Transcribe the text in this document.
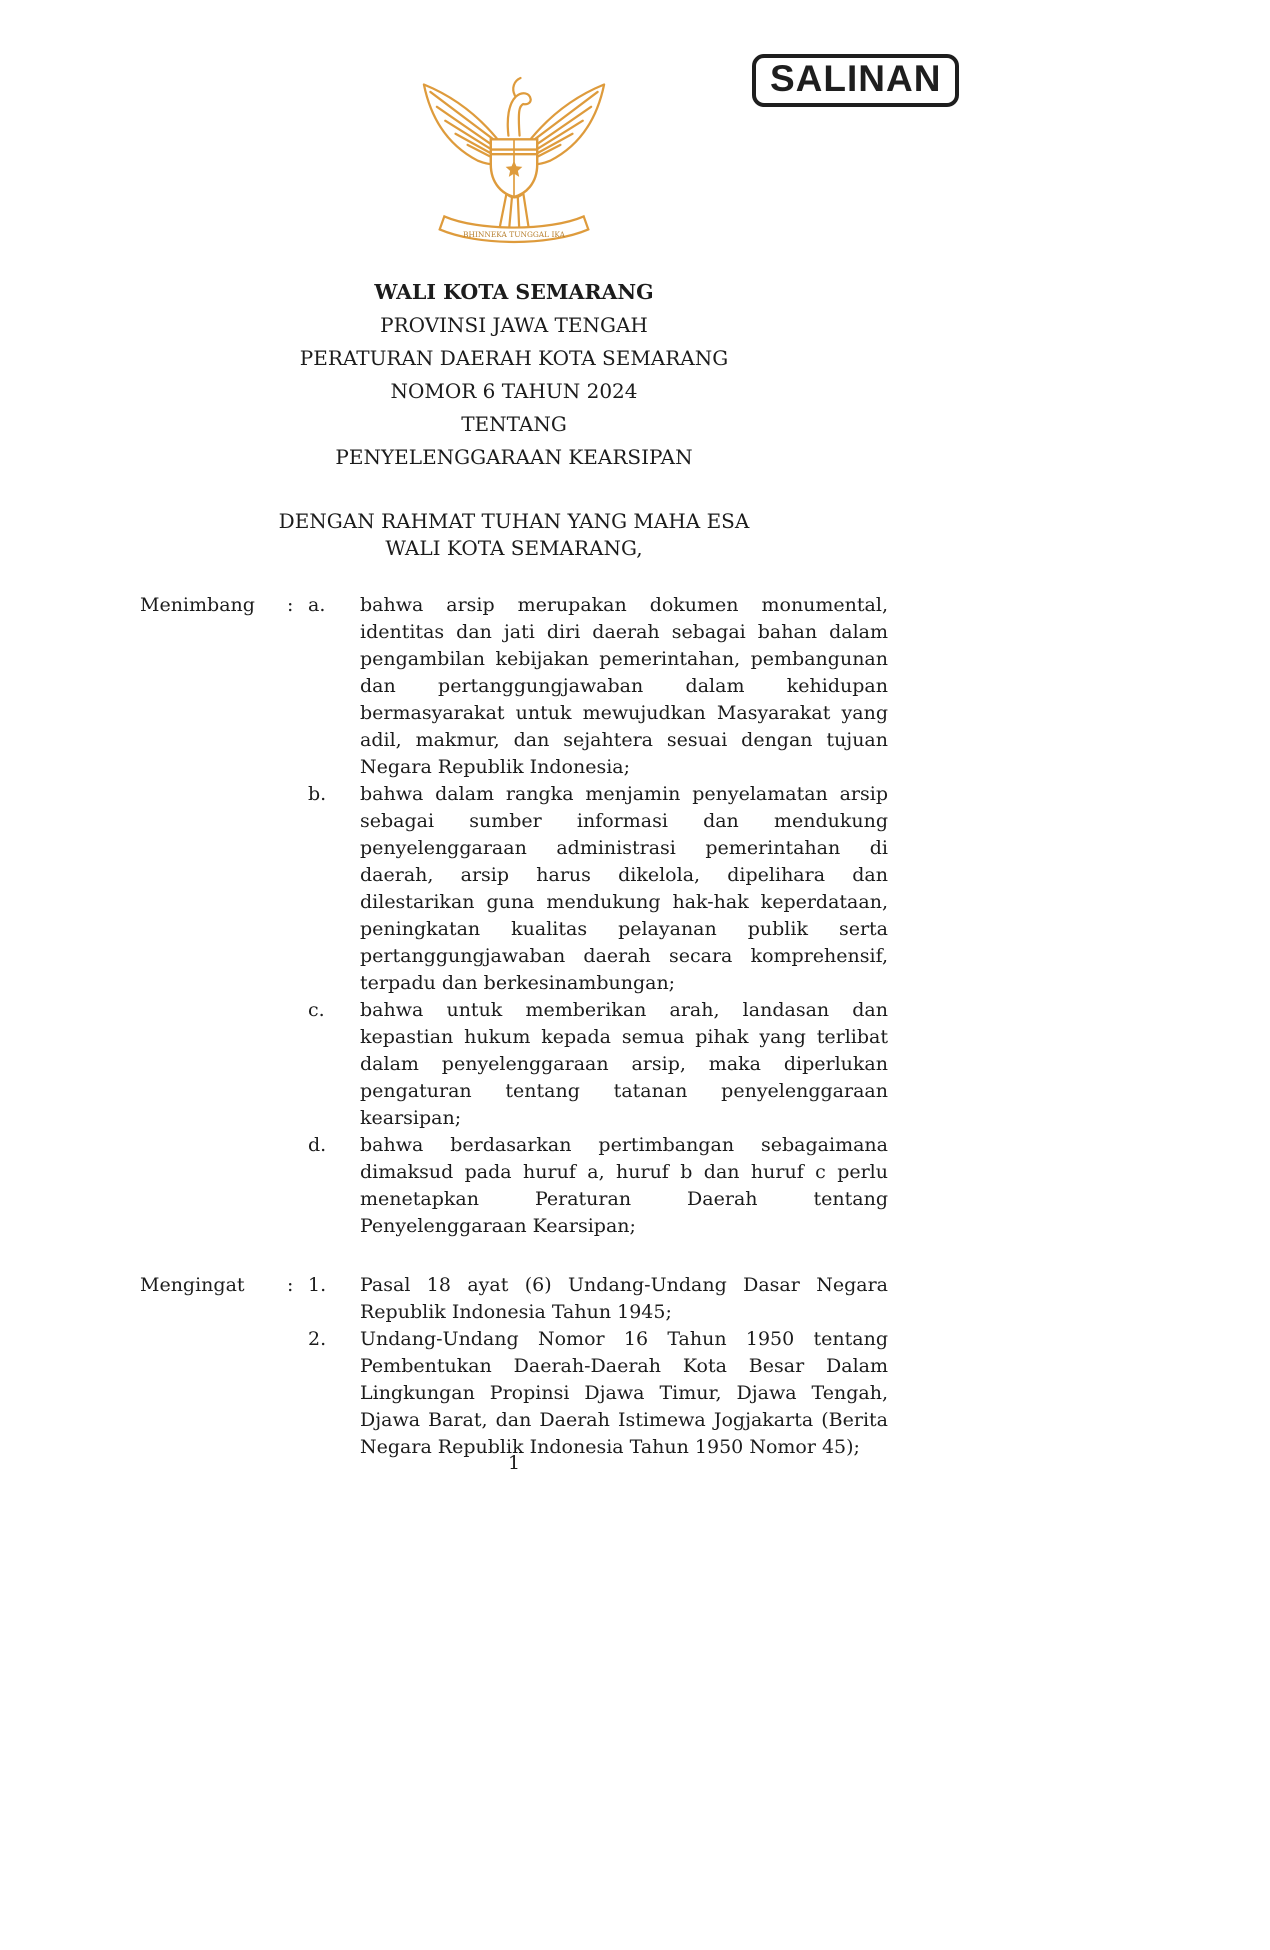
SALINAN
BHINNEKA TUNGGAL IKA
WALI KOTA SEMARANG
PROVINSI JAWA TENGAH
PERATURAN DAERAH KOTA SEMARANG
NOMOR 6 TAHUN 2024
TENTANG
PENYELENGGARAAN KEARSIPAN
DENGAN RAHMAT TUHAN YANG MAHA ESA
WALI KOTA SEMARANG,
Menimbang	: a.	bahwa arsip merupakan dokumen monumental, identitas dan jati diri daerah sebagai bahan dalam pengambilan kebijakan pemerintahan, pembangunan dan pertanggungjawaban dalam kehidupan bermasyarakat untuk mewujudkan Masyarakat yang adil, makmur, dan sejahtera sesuai dengan tujuan Negara Republik Indonesia;

b.	bahwa dalam rangka menjamin penyelamatan arsip sebagai sumber informasi dan mendukung penyelenggaraan administrasi pemerintahan di daerah, arsip harus dikelola, dipelihara dan dilestarikan guna mendukung hak-hak keperdataan, peningkatan kualitas pelayanan publik serta pertanggungjawaban daerah secara komprehensif, terpadu dan berkesinambungan;

c.	bahwa untuk memberikan arah, landasan dan kepastian hukum kepada semua pihak yang terlibat dalam penyelenggaraan arsip, maka diperlukan pengaturan tentang tatanan penyelenggaraan kearsipan;

d.	bahwa berdasarkan pertimbangan sebagaimana dimaksud pada huruf a, huruf b dan huruf c perlu menetapkan Peraturan Daerah tentang Penyelenggaraan Kearsipan;

Mengingat	: 1.	Pasal 18 ayat (6) Undang-Undang Dasar Negara Republik Indonesia Tahun 1945;

2.	Undang-Undang Nomor 16 Tahun 1950 tentang Pembentukan Daerah-Daerah Kota Besar Dalam Lingkungan Propinsi Djawa Timur, Djawa Tengah, Djawa Barat, dan Daerah Istimewa Jogjakarta (Berita Negara Republik Indonesia Tahun 1950 Nomor 45);

1
